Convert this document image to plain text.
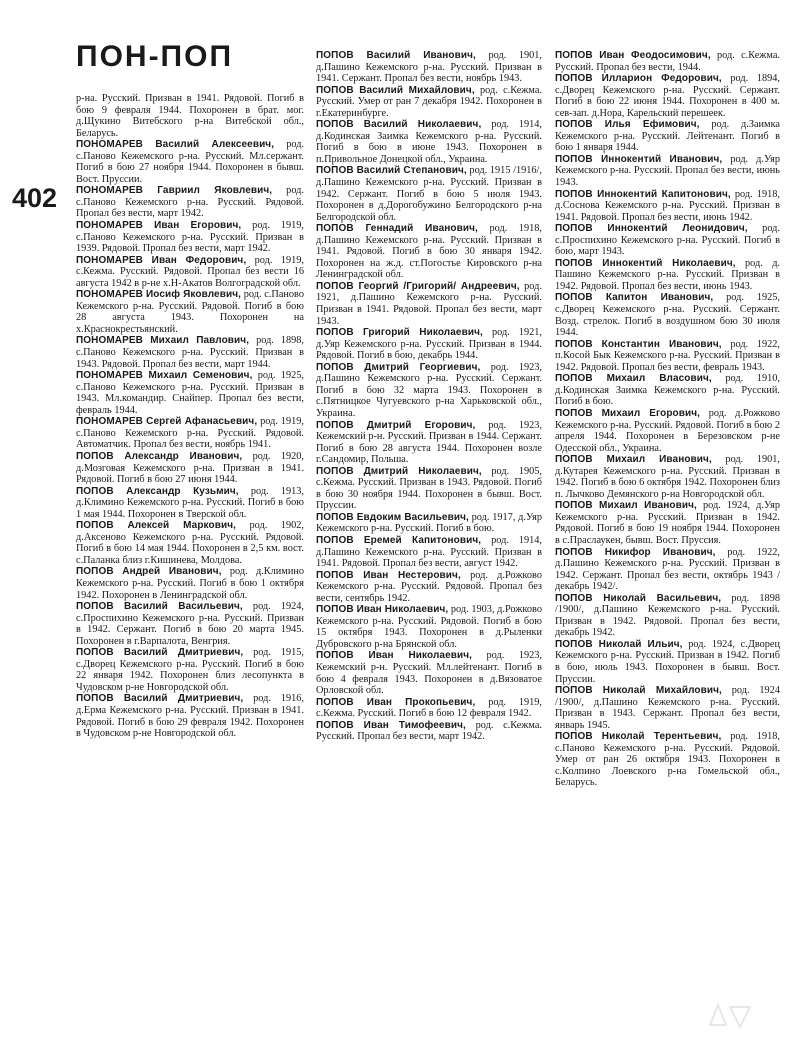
ПОН-ПОП
402

р-на. Русский. Призван в 1941. Рядовой. Погиб в бою 9 февраля 1944. Похоронен в брат. мог. д.Щукино Витебского р-на Витебской обл., Беларусь.

ПОНОМАРЕВ Василий Алексеевич, род. с.Паново Кежемского р-на. Русский. Мл.сержант. Погиб в бою 27 ноября 1944. Похоронен в бывш. Вост. Пруссии.

ПОНОМАРЕВ Гавриил Яковлевич, род. с.Паново Кежемского р-на. Русский. Рядовой. Пропал без вести, март 1942.

ПОНОМАРЕВ Иван Егорович, род. 1919, с.Паново Кежемского р-на. Русский. Призван в 1939. Рядовой. Пропал без вести, март 1942.

ПОНОМАРЕВ Иван Федорович, род. 1919, с.Кежма. Русский. Рядовой. Пропал без вести 16 августа 1942 в р-не х.Н-Акатов Волгоградской обл.

ПОНОМАРЕВ Иосиф Яковлевич, род. с.Паново Кежемского р-на. Русский. Рядовой. Погиб в бою 28 августа 1943. Похоронен на х.Краснокрестьянский.

ПОНОМАРЕВ Михаил Павлович, род. 1898, с.Паново Кежемского р-на. Русский. Призван в 1943. Рядовой. Пропал без вести, март 1944.

ПОНОМАРЕВ Михаил Семенович, род. 1925, с.Паново Кежемского р-на. Русский. Призван в 1943. Мл.командир. Снайпер. Пропал без вести, февраль 1944.

ПОНОМАРЕВ Сергей Афанасьевич, род. 1919, с.Паново Кежемского р-на. Русский. Рядовой. Автоматчик. Пропал без вести, ноябрь 1941.

ПОПОВ Александр Иванович, род. 1920, д.Мозговая Кежемского р-на. Призван в 1941. Рядовой. Погиб в бою 27 июня 1944.

ПОПОВ Александр Кузьмич, род. 1913, д.Климино Кежемского р-на. Русский. Погиб в бою 1 мая 1944. Похоронен в Тверской обл.

ПОПОВ Алексей Маркович, род. 1902, д.Аксеново Кежемского р-на. Русский. Рядовой. Погиб в бою 14 мая 1944. Похоронен в 2,5 км. вост. с.Паланка близ г.Кишинева, Молдова.

ПОПОВ Андрей Иванович, род. д.Климино Кежемского р-на. Русский. Погиб в бою 1 октября 1942. Похоронен в Ленинградской обл.

ПОПОВ Василий Васильевич, род. 1924, с.Проспихино Кежемского р-на. Русский. Призван в 1942. Сержант. Погиб в бою 20 марта 1945. Похоронен в г.Варпалота, Венгрия.

ПОПОВ Василий Дмитриевич, род. 1915, с.Дворец Кежемского р-на. Русский. Погиб в бою 22 января 1942. Похоронен близ лесопункта в Чудовском р-не Новгородской обл.

ПОПОВ Василий Дмитриевич, род. 1916, д.Ерма Кежемского р-на. Русский. Призван в 1941. Рядовой. Погиб в бою 29 февраля 1942. Похоронен в Чудовском р-не Новгородской обл.

ПОПОВ Василий Иванович, род. 1901, д.Пашино Кежемского р-на. Русский. Призван в 1941. Сержант. Пропал без вести, ноябрь 1943.

ПОПОВ Василий Михайлович, род. с.Кежма. Русский. Умер от ран 7 декабря 1942. Похоронен в г.Екатеринбурге.

ПОПОВ Василий Николаевич, род. 1914, д.Кодинская Заимка Кежемского р-на. Русский. Погиб в бою в июне 1943. Похоронен в п.Привольное Донецкой обл., Украина.

ПОПОВ Василий Степанович, род. 1915 /1916/, д.Пашино Кежемского р-на. Русский. Призван в 1942. Сержант. Погиб в бою 5 июля 1943. Похоронен в д.Дорогобужино Белгородского р-на Белгородской обл.

ПОПОВ Геннадий Иванович, род. 1918, д.Пашино Кежемского р-на. Русский. Призван в 1941. Рядовой. Погиб в бою 30 января 1942. Похоронен на ж.д. ст.Погостье Кировского р-на Ленинградской обл.

ПОПОВ Георгий /Григорий/ Андреевич, род. 1921, д.Пашино Кежемского р-на. Русский. Призван в 1941. Рядовой. Пропал без вести, март 1943.

ПОПОВ Григорий Николаевич, род. 1921, д.Уяр Кежемского р-на. Русский. Призван в 1944. Рядовой. Погиб в бою, декабрь 1944.

ПОПОВ Дмитрий Георгиевич, род. 1923, д.Пашино Кежемского р-на. Русский. Сержант. Погиб в бою 32 марта 1943. Похоронен в с.Пятницкое Чугуевского р-на Харьковской обл., Украина.

ПОПОВ Дмитрий Егорович, род. 1923, Кежемский р-н. Русский. Призван в 1944. Сержант. Погиб в бою 28 августа 1944. Похоронен возле г.Сандомир, Польша.

ПОПОВ Дмитрий Николаевич, род. 1905, с.Кежма. Русский. Призван в 1943. Рядовой. Погиб в бою 30 ноября 1944. Похоронен в бывш. Вост. Пруссии.

ПОПОВ Евдоким Васильевич, род. 1917, д.Уяр Кежемского р-на. Русский. Погиб в бою.

ПОПОВ Еремей Капитонович, род. 1914, д.Пашино Кежемского р-на. Русский. Призван в 1941. Рядовой. Пропал без вести, август 1942.

ПОПОВ Иван Нестерович, род. д.Рожково Кежемского р-на. Русский. Рядовой. Пропал без вести, сентябрь 1942.

ПОПОВ Иван Николаевич, род. 1903, д.Рожково Кежемского р-на. Русский. Рядовой. Погиб в бою 15 октября 1943. Похоронен в д.Рыленки Дубровского р-на Брянской обл.

ПОПОВ Иван Николаевич, род. 1923, Кежемский р-н. Русский. Мл.лейтенант. Погиб в бою 4 февраля 1943. Похоронен в д.Вязоватое Орловской обл.

ПОПОВ Иван Прокопьевич, род. 1919, с.Кежма. Русский. Погиб в бою 12 февраля 1942.

ПОПОВ Иван Тимофеевич, род. с.Кежма. Русский. Пропал без вести, март 1942.

ПОПОВ Иван Феодосимович, род. с.Кежма. Русский. Пропал без вести, 1944.

ПОПОВ Илларион Федорович, род. 1894, с.Дворец Кежемского р-на. Русский. Сержант. Погиб в бою 22 июня 1944. Похоронен в 400 м. сев-зап. д.Нора, Карельский перешеек.

ПОПОВ Илья Ефимович, род. д.Заимка Кежемского р-на. Русский. Лейтенант. Погиб в бою 1 января 1944.

ПОПОВ Иннокентий Иванович, род. д.Уяр Кежемского р-на. Русский. Пропал без вести, июнь 1943.

ПОПОВ Иннокентий Капитонович, род. 1918, д.Соснова Кежемского р-на. Русский. Призван в 1941. Рядовой. Пропал без вести, июнь 1942.

ПОПОВ Иннокентий Леонидович, род. с.Проспихино Кежемского р-на. Русский. Погиб в бою, март 1943.

ПОПОВ Иннокентий Николаевич, род. д. Пашино Кежемского р-на. Русский. Призван в 1942. Рядовой. Пропал без вести, июнь 1943.

ПОПОВ Капитон Иванович, род. 1925, с.Дворец Кежемского р-на. Русский. Сержант. Возд. стрелок. Погиб в воздушном бою 30 июля 1944.

ПОПОВ Константин Иванович, род. 1922, п.Косой Бык Кежемского р-на. Русский. Призван в 1942. Рядовой. Пропал без вести, февраль 1943.

ПОПОВ Михаил Власович, род. 1910, д.Кодинская Заимка Кежемского р-на. Русский. Погиб в бою.

ПОПОВ Михаил Егорович, род. д.Рожково Кежемского р-на. Русский. Рядовой. Погиб в бою 2 апреля 1944. Похоронен в Березовском р-не Одесской обл., Украина.

ПОПОВ Михаил Иванович, род. 1901, д.Кутарея Кежемского р-на. Русский. Призван в 1942. Погиб в бою 6 октября 1942. Похоронен близ п. Лычково Демянского р-на Новгородской обл.

ПОПОВ Михаил Иванович, род. 1924, д.Уяр Кежемского р-на. Русский. Призван в 1942. Рядовой. Погиб в бою 19 ноября 1944. Похоронен в с.Праслаукен, бывш. Вост. Пруссия.

ПОПОВ Никифор Иванович, род. 1922, д.Пашино Кежемского р-на. Русский. Призван в 1942. Сержант. Пропал без вести, октябрь 1943 /декабрь 1942/.

ПОПОВ Николай Васильевич, род. 1898 /1900/, д.Пашино Кежемского р-на. Русский. Призван в 1942. Рядовой. Пропал без вести, декабрь 1942.

ПОПОВ Николай Ильич, род. 1924, с.Дворец Кежемского р-на. Русский. Призван в 1942. Погиб в бою, июль 1943. Похоронен в бывш. Вост. Пруссии.

ПОПОВ Николай Михайлович, род. 1924 /1900/, д.Пашино Кежемского р-на. Русский. Призван в 1943. Сержант. Пропал без вести, январь 1945.

ПОПОВ Николай Терентьевич, род. 1918, с.Паново Кежемского р-на. Русский. Рядовой. Умер от ран 26 октября 1943. Похоронен в с.Колпино Лоевского р-на Гомельской обл., Беларусь.
